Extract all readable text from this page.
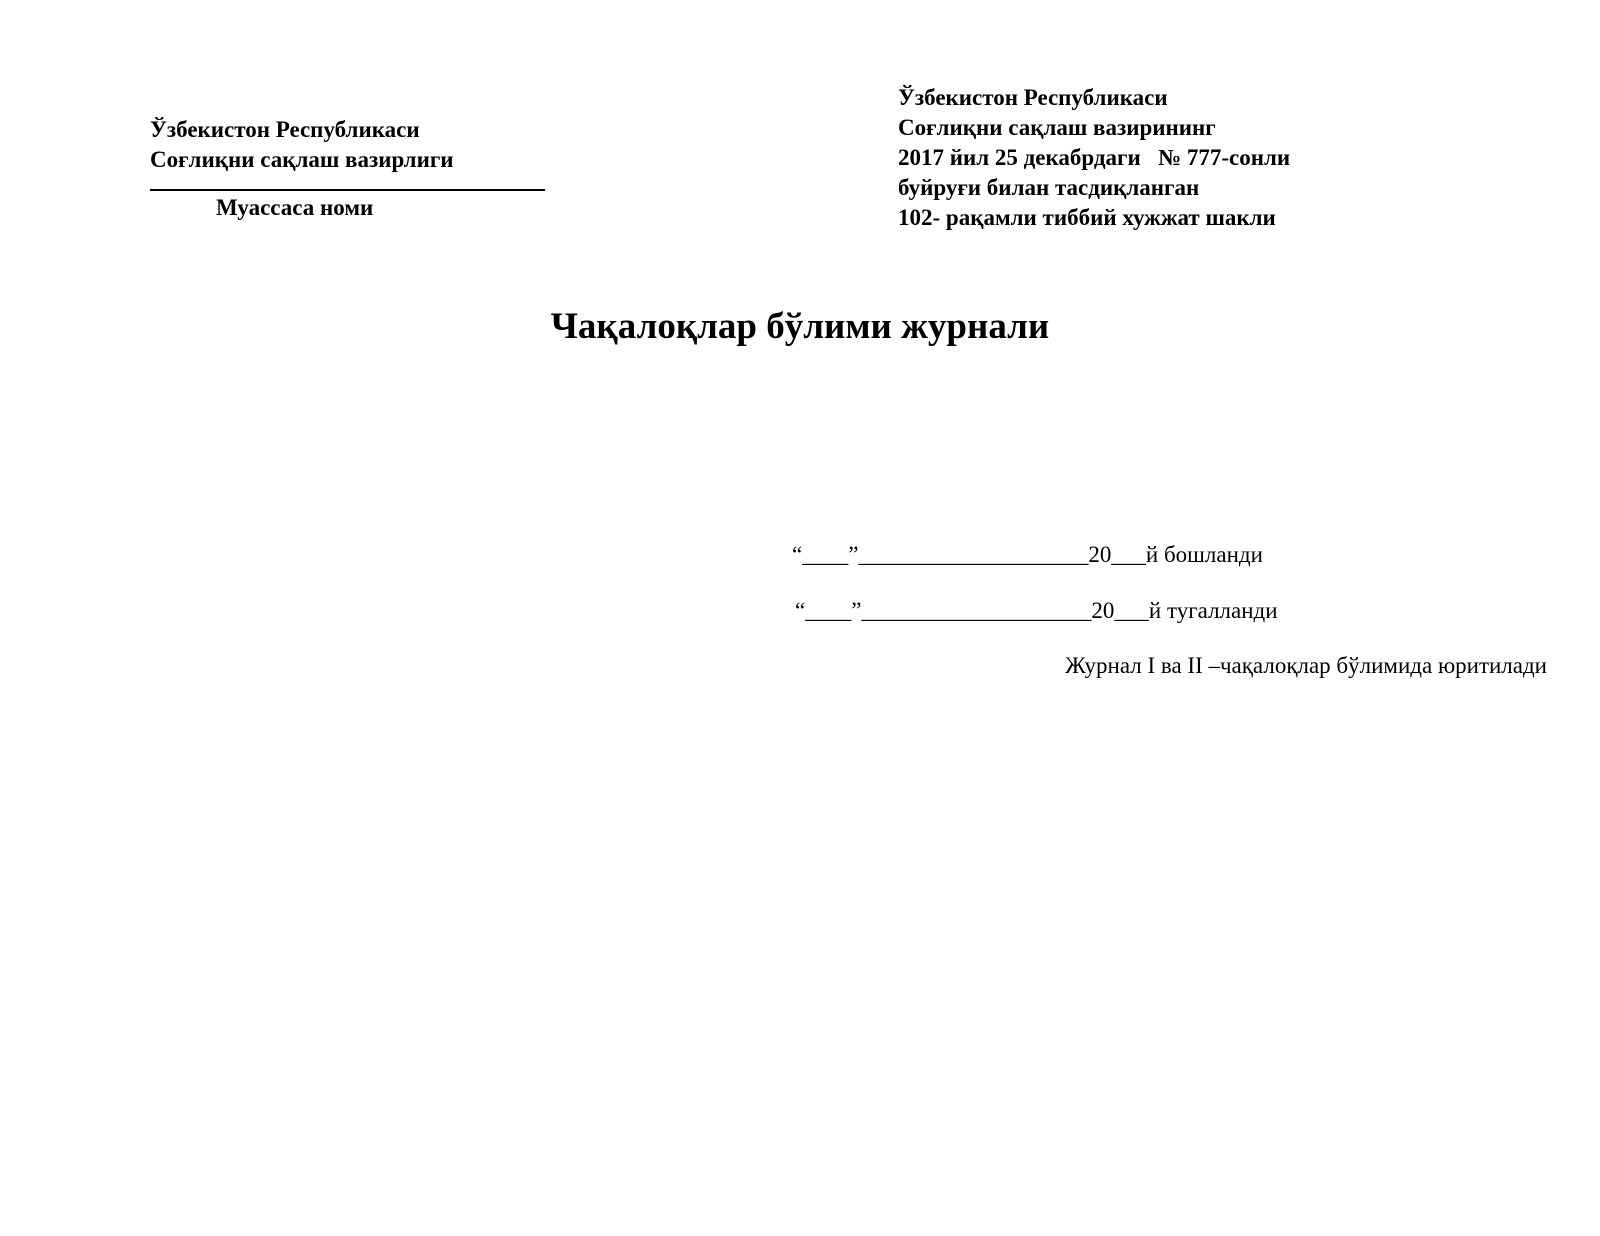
Ўзбекистон Республикаси
Соғлиқни сақлаш вазирлиги
Муассаса номи
Ўзбекистон Республикаси
Соғлиқни сақлаш вазирининг
2017 йил 25 декабрдаги   № 777-сонли
буйруғи билан тасдиқланган
102- рақамли тиббий хужжат шакли
Чақалоқлар бўлими журнали
“____”____________________20___й бошланди
“____”____________________20___й тугалланди
Журнал I ва II –чақалоқлар бўлимида юритилади
